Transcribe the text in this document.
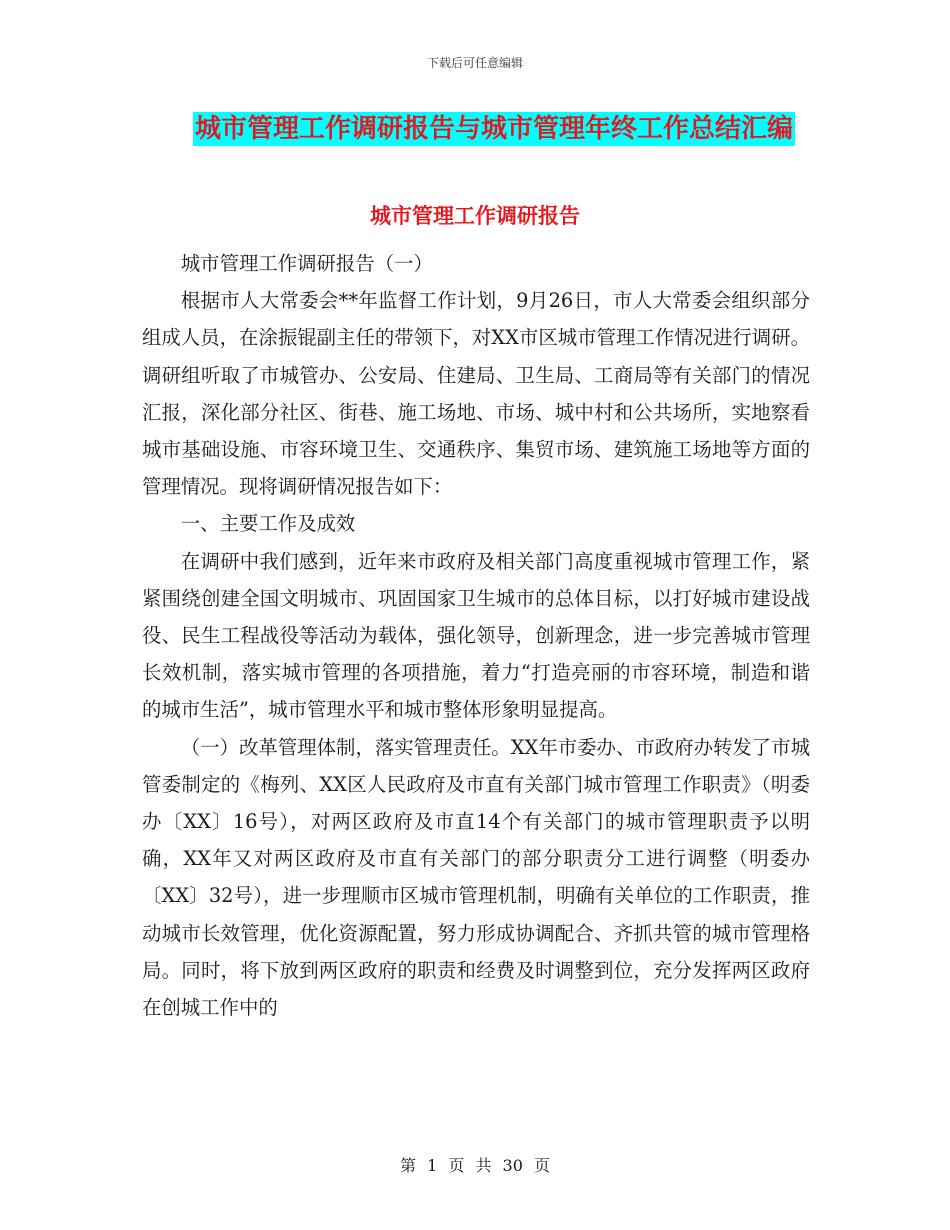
下载后可任意编辑
城市管理工作调研报告与城市管理年终工作总结汇编
城市管理工作调研报告

城市管理工作调研报告（一）

根据市人大常委会**年监督工作计划，9月26日，市人大常委会组织部分组成人员，在涂振锟副主任的带领下，对XX市区城市管理工作情况进行调研。调研组听取了市城管办、公安局、住建局、卫生局、工商局等有关部门的情况汇报，深化部分社区、街巷、施工场地、市场、城中村和公共场所，实地察看城市基础设施、市容环境卫生、交通秩序、集贸市场、建筑施工场地等方面的管理情况。现将调研情况报告如下：

一、主要工作及成效

在调研中我们感到，近年来市政府及相关部门高度重视城市管理工作，紧紧围绕创建全国文明城市、巩固国家卫生城市的总体目标，以打好城市建设战役、民生工程战役等活动为载体，强化领导，创新理念，进一步完善城市管理长效机制，落实城市管理的各项措施，着力“打造亮丽的市容环境，制造和谐的城市生活”，城市管理水平和城市整体形象明显提高。

（一）改革管理体制，落实管理责任。XX年市委办、市政府办转发了市城管委制定的《梅列、XX区人民政府及市直有关部门城市管理工作职责》（明委办〔XX〕16号），对两区政府及市直14个有关部门的城市管理职责予以明确，XX年又对两区政府及市直有关部门的部分职责分工进行调整（明委办〔XX〕32号），进一步理顺市区城市管理机制，明确有关单位的工作职责，推动城市长效管理，优化资源配置，努力形成协调配合、齐抓共管的城市管理格局。同时，将下放到两区政府的职责和经费及时调整到位，充分发挥两区政府在创城工作中的

第 1 页 共 30 页
